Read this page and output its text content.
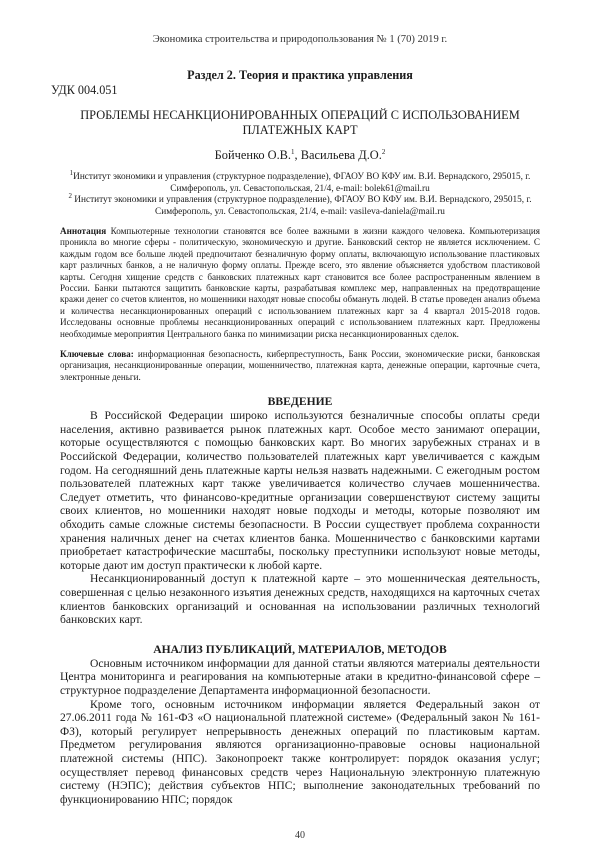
Экономика строительства и природопользования № 1 (70) 2019 г.
Раздел 2. Теория и практика управления
УДК 004.051
ПРОБЛЕМЫ НЕСАНКЦИОНИРОВАННЫХ ОПЕРАЦИЙ С ИСПОЛЬЗОВАНИЕМ ПЛАТЕЖНЫХ КАРТ
Бойченко О.В.$^1$, Васильева Д.О.$^2$
$^1$Институт экономики и управления (структурное подразделение), ФГАОУ ВО КФУ им. В.И. Вернадского, 295015, г. Симферополь, ул. Севастопольская, 21/4, e-mail: bolek61@mail.ru
$^2$ Институт экономики и управления (структурное подразделение), ФГАОУ ВО КФУ им. В.И. Вернадского, 295015, г. Симферополь, ул. Севастопольская, 21/4, e-mail: vasileva-daniela@mail.ru
Аннотация Компьютерные технологии становятся все более важными в жизни каждого человека. Компьютеризация проникла во многие сферы - политическую, экономическую и другие. Банковский сектор не является исключением. С каждым годом все больше людей предпочитают безналичную форму оплаты, включающую использование пластиковых карт различных банков, а не наличную форму оплаты. Прежде всего, это явление объясняется удобством пластиковой карты. Сегодня хищение средств с банковских платежных карт становится все более распространенным явлением в России. Банки пытаются защитить банковские карты, разрабатывая комплекс мер, направленных на предотвращение кражи денег со счетов клиентов, но мошенники находят новые способы обмануть людей. В статье проведен анализ объема и количества несанкционированных операций с использованием платежных карт за 4 квартал 2015-2018 годов. Исследованы основные проблемы несанкционированных операций с использованием платежных карт. Предложены необходимые мероприятия Центрального банка по минимизации риска несанкционированных сделок.
Ключевые слова: информационная безопасность, киберпреступность, Банк России, экономические риски, банковская организация, несанкционированные операции, мошенничество, платежная карта, денежные операции, карточные счета, электронные деньги.
ВВЕДЕНИЕ

В Российской Федерации широко используются безналичные способы оплаты среди населения, активно развивается рынок платежных карт. Особое место занимают операции, которые осуществляются с помощью банковских карт. Во многих зарубежных странах и в Российской Федерации, количество пользователей платежных карт увеличивается с каждым годом. На сегодняшний день платежные карты нельзя назвать надежными. С ежегодным ростом пользователей платежных карт также увеличивается количество случаев мошенничества. Следует отметить, что финансово-кредитные организации совершенствуют систему защиты своих клиентов, но мошенники находят новые подходы и методы, которые позволяют им обходить самые сложные системы безопасности. В России существует проблема сохранности хранения наличных денег на счетах клиентов банка. Мошенничество с банковскими картами приобретает катастрофические масштабы, поскольку преступники используют новые методы, которые дают им доступ практически к любой карте.

Несанкционированный доступ к платежной карте – это мошенническая деятельность, совершенная с целью незаконного изъятия денежных средств, находящихся на карточных счетах клиентов банковских организаций и основанная на использовании различных технологий банковских карт.

АНАЛИЗ ПУБЛИКАЦИЙ, МАТЕРИАЛОВ, МЕТОДОВ

Основным источником информации для данной статьи являются материалы деятельности Центра мониторинга и реагирования на компьютерные атаки в кредитно-финансовой сфере – структурное подразделение Департамента информационной безопасности.

Кроме того, основным источником информации является Федеральный закон от 27.06.2011 года № 161-ФЗ «О национальной платежной системе» (Федеральный закон № 161-ФЗ), который регулирует непрерывность денежных операций по пластиковым картам. Предметом регулирования являются организационно-правовые основы национальной платежной системы (НПС). Законопроект также контролирует: порядок оказания услуг; осуществляет перевод финансовых средств через Национальную электронную платежную систему (НЭПС); действия субъектов НПС; выполнение законодательных требований по функционированию НПС; порядок

40
